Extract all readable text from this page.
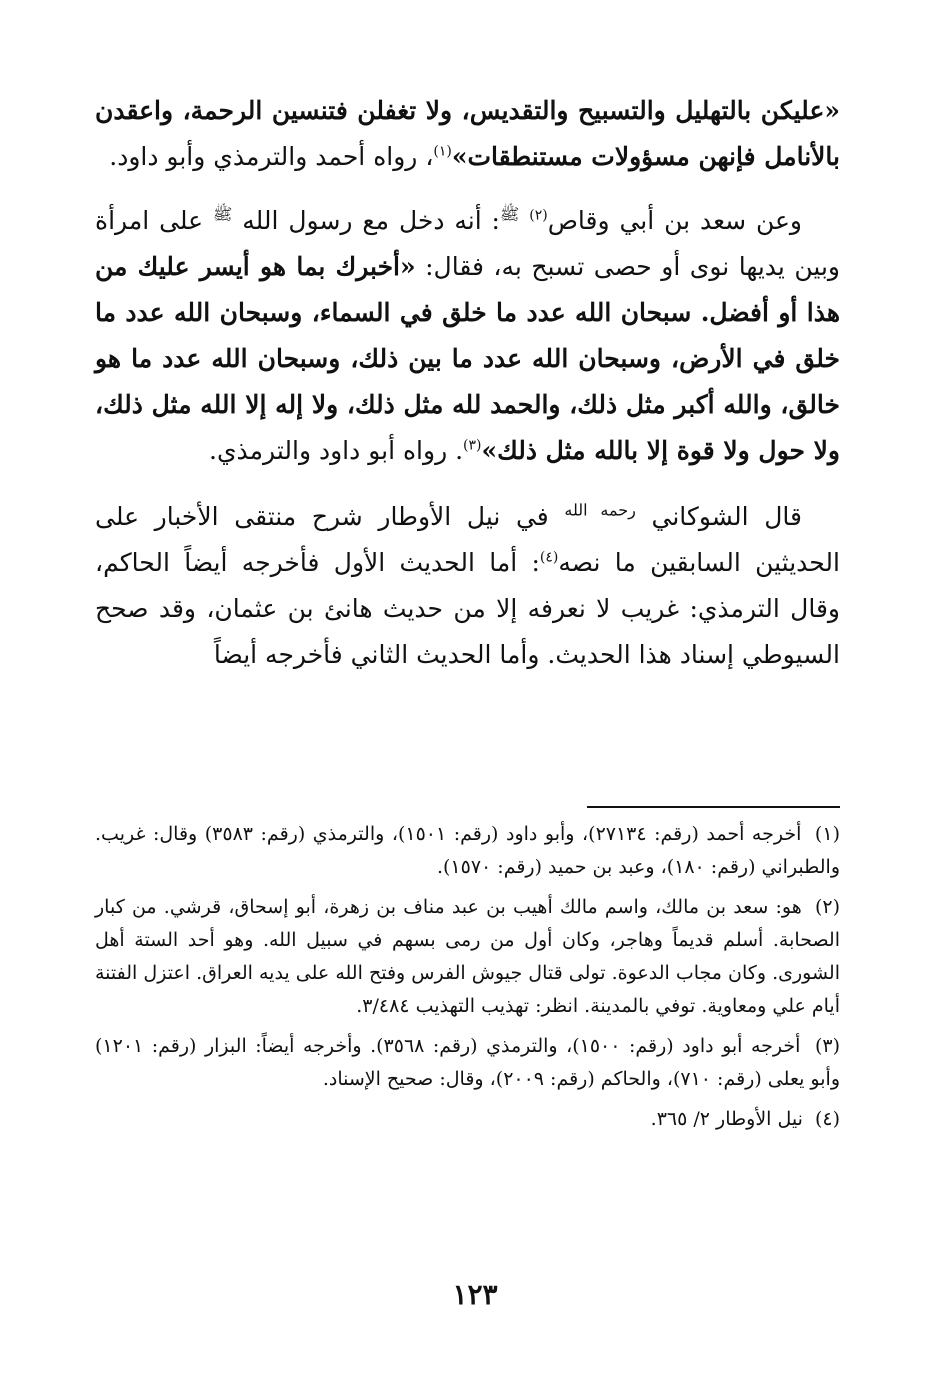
«عليكن بالتهليل والتسبيح والتقديس، ولا تغفلن فتنسين الرحمة، واعقدن بالأنامل فإنهن مسؤولات مستنطقات»$^{(١)}$، رواه أحمد والترمذي وأبو داود.

وعن سعد بن أبي وقاص$^{(٢)}$ $^ﷺ$: أنه دخل مع رسول الله $^ﷺ$ على امرأة وبين يديها نوى أو حصى تسبح به، فقال: «أخبرك بما هو أيسر عليك من هذا أو أفضل. سبحان الله عدد ما خلق في السماء، وسبحان الله عدد ما خلق في الأرض، وسبحان الله عدد ما بين ذلك، وسبحان الله عدد ما هو خالق، والله أكبر مثل ذلك، والحمد لله مثل ذلك، ولا إله إلا الله مثل ذلك، ولا حول ولا قوة إلا بالله مثل ذلك»$^{(٣)}$. رواه أبو داود والترمذي.

قال الشوكاني $^{رحمه الله}$ في نيل الأوطار شرح منتقى الأخبار على الحديثين السابقين ما نصه$^{(٤)}$: أما الحديث الأول فأخرجه أيضاً الحاكم، وقال الترمذي: غريب لا نعرفه إلا من حديث هانئ بن عثمان، وقد صحح السيوطي إسناد هذا الحديث. وأما الحديث الثاني فأخرجه أيضاً

(١) أخرجه أحمد (رقم: ٢٧١٣٤)، وأبو داود (رقم: ١٥٠١)، والترمذي (رقم: ٣٥٨٣) وقال: غريب. والطبراني (رقم: ١٨٠)، وعبد بن حميد (رقم: ١٥٧٠).

(٢) هو: سعد بن مالك، واسم مالك أهيب بن عبد مناف بن زهرة، أبو إسحاق، قرشي. من كبار الصحابة. أسلم قديماً وهاجر، وكان أول من رمى بسهم في سبيل الله. وهو أحد الستة أهل الشورى. وكان مجاب الدعوة. تولى قتال جيوش الفرس وفتح الله على يديه العراق. اعتزل الفتنة أيام علي ومعاوية. توفي بالمدينة. انظر: تهذيب التهذيب ٣/٤٨٤.

(٣) أخرجه أبو داود (رقم: ١٥٠٠)، والترمذي (رقم: ٣٥٦٨). وأخرجه أيضاً: البزار (رقم: ١٢٠١) وأبو يعلى (رقم: ٧١٠)، والحاكم (رقم: ٢٠٠٩)، وقال: صحيح الإسناد.

(٤) نيل الأوطار ٢/ ٣٦٥.

١٢٣
